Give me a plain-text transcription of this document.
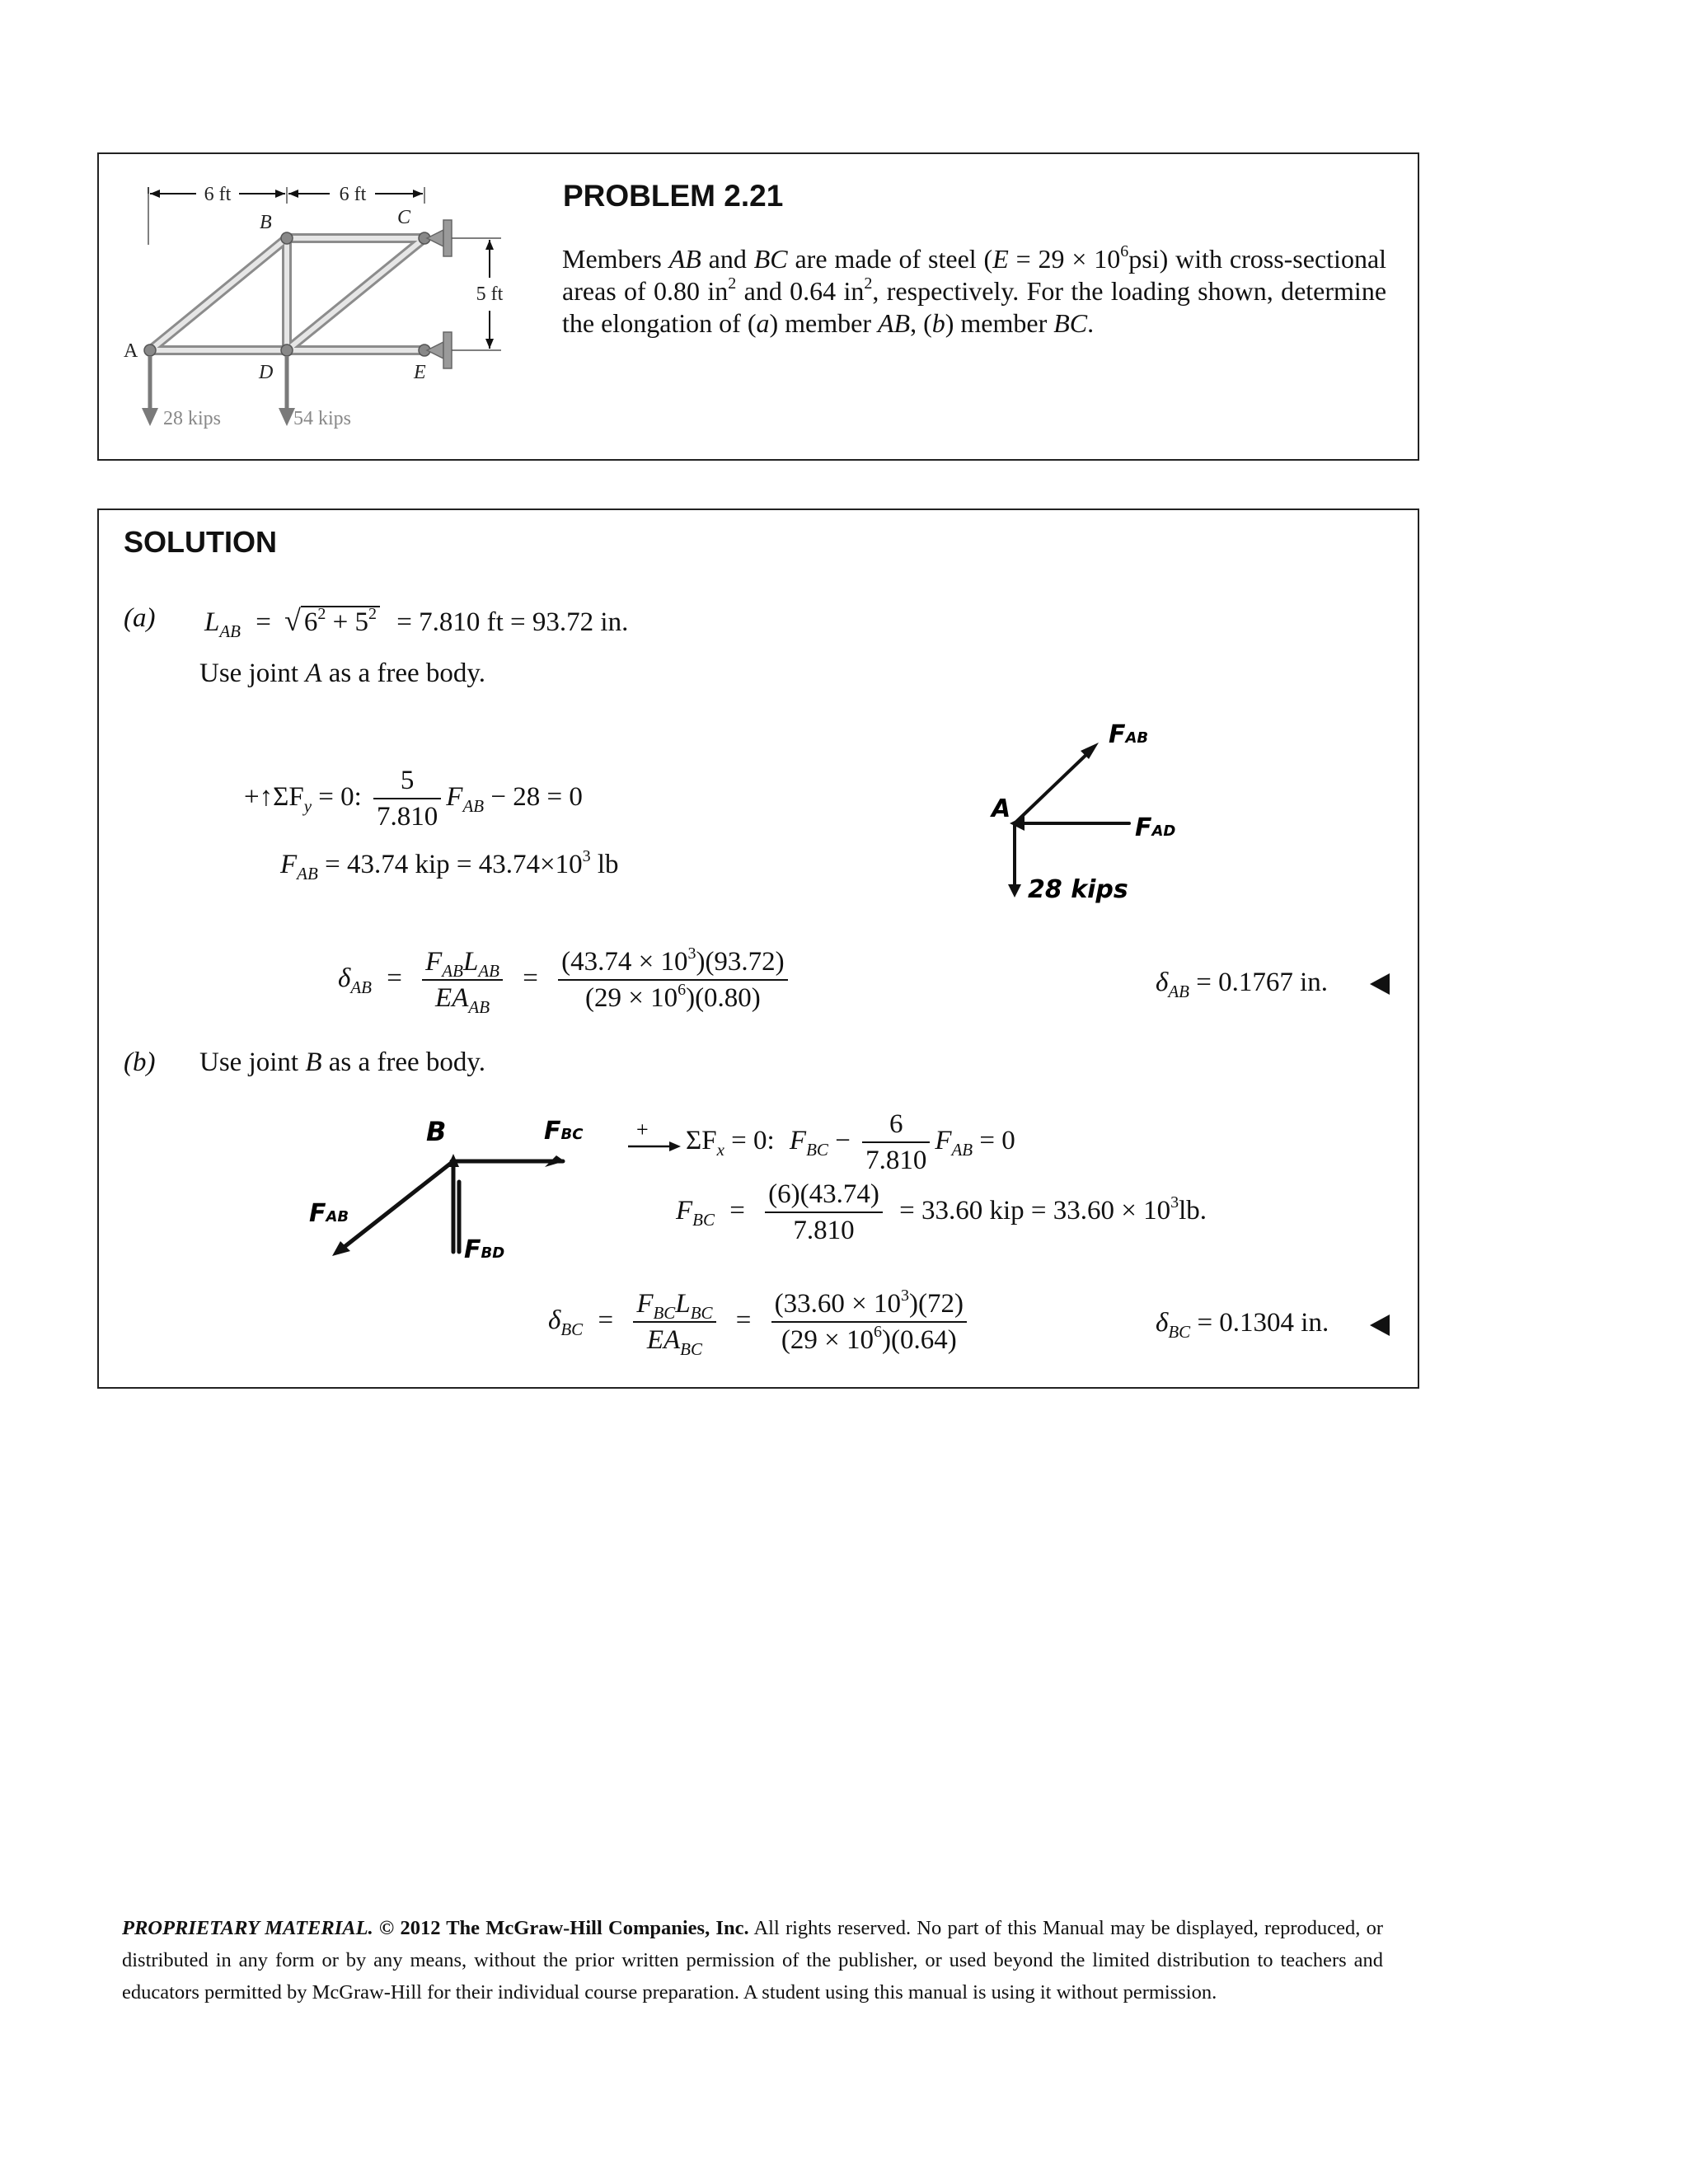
6 ft	6 ft
5 ft
A
B	C
D	E
28 kips	54 kips
PROBLEM 2.21
Members AB and BC are made of steel $(E = 29 \times 10^6psi)$ with cross-sectional areas of 0.80 $in^2$ and 0.64 $in^2$, respectively. For the loading shown, determine the elongation of (a) member AB, (b) member BC.
SOLUTION
(a) $L_{AB}$ = √ $6^2 + 5^2 = 7.810$ ft = 93.72 in.
Use joint A as a free body.
$+↑\Sigma F_y = 0$: $\frac{5}{7.810} F_{AB} - 28 = 0$
$F_{AB} = 43.74$ kip = $43.74\times 10^3$ lb
$\delta_{AB} = \frac{F_{AB}L_{AB}}{EA_{AB}} = \frac{(43.74 \times 10^3)(93.72)}{(29 \times 10^6)(0.80)}$	$\delta_{AB} = 0.1767$ in.
A
FAB
FAD
28 kips
(b) Use joint B as a free body.
B	FBC
FAB
FBD
+ $\Sigma F_x = 0$: $F_{BC} - \frac{6}{7.810} F_{AB} = 0$
$F_{BC} = \frac{(6)(43.74)}{7.810} = 33.60$ kip = $33.60 \times 10^3lb$.
$\delta_{BC} = \frac{F_{BC}L_{BC}}{EA_{BC}} = \frac{(33.60 \times 10^3)(72)}{(29 \times 10^6)(0.64)}$	$\delta_{BC} = 0.1304$ in.
PROPRIETARY MATERIAL. © 2012 The McGraw-Hill Companies, Inc. All rights reserved. No part of this Manual may be displayed, reproduced, or distributed in any form or by any means, without the prior written permission of the publisher, or used beyond the limited distribution to teachers and educators permitted by McGraw-Hill for their individual course preparation. A student using this manual is using it without permission.
